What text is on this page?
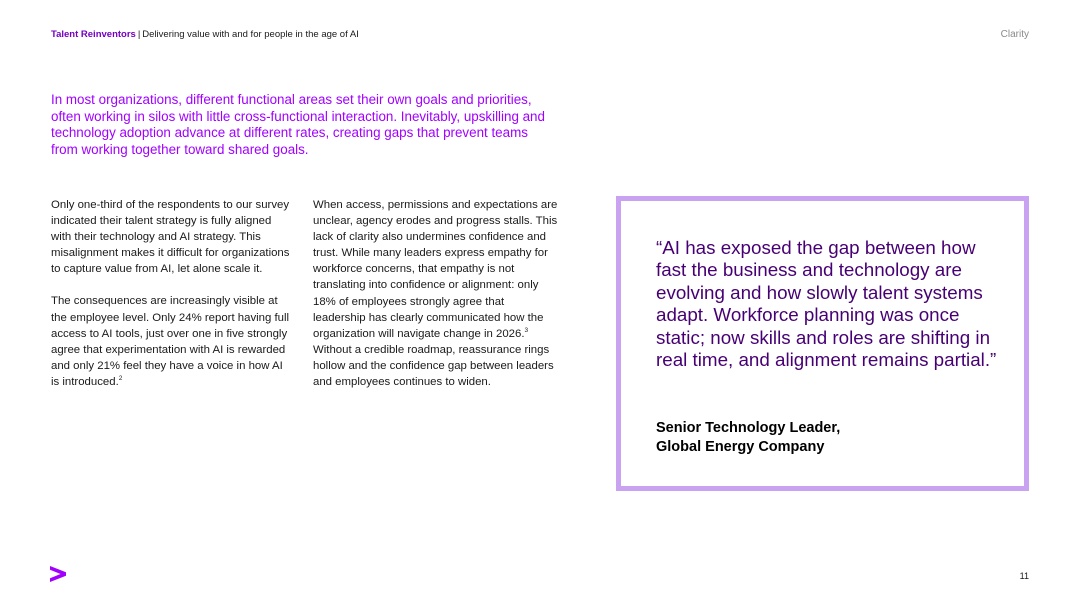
Talent Reinventors | Delivering value with and for people in the age of AI	Clarity

In most organizations, different functional areas set their own goals and priorities, often working in silos with little cross-functional interaction. Inevitably, upskilling and technology adoption advance at different rates, creating gaps that prevent teams from working together toward shared goals.

Only one-third of the respondents to our survey indicated their talent strategy is fully aligned with their technology and AI strategy. This misalignment makes it difficult for organizations to capture value from AI, let alone scale it.

The consequences are increasingly visible at the employee level. Only 24% report having full access to AI tools, just over one in five strongly agree that experimentation with AI is rewarded and only 21% feel they have a voice in how AI is introduced.$^2$

When access, permissions and expectations are unclear, agency erodes and progress stalls. This lack of clarity also undermines confidence and trust. While many leaders express empathy for workforce concerns, that empathy is not translating into confidence or alignment: only 18% of employees strongly agree that leadership has clearly communicated how the organization will navigate change in 2026.$^3$ Without a credible roadmap, reassurance rings hollow and the confidence gap between leaders and employees continues to widen.

“AI has exposed the gap between how fast the business and technology are evolving and how slowly talent systems adapt. Workforce planning was once static; now skills and roles are shifting in real time, and alignment remains partial.”
Senior Technology Leader,
Global Energy Company
11
